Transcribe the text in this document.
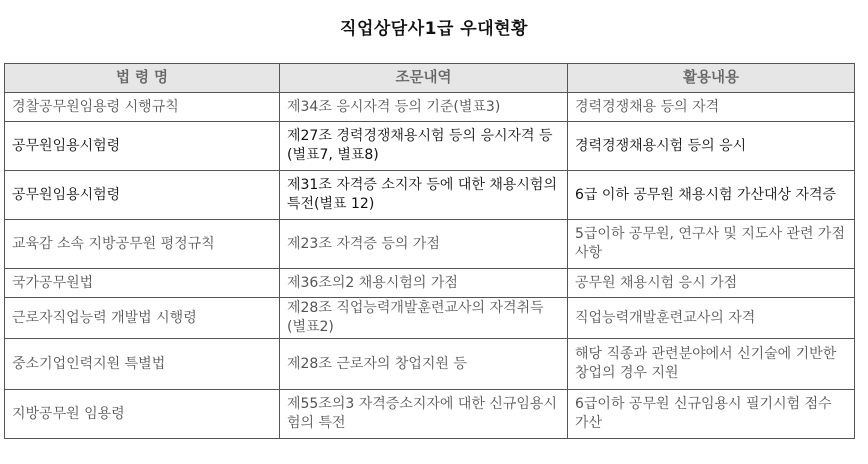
직업상담사1급 우대현황
법 령 명	조문내역	활용내용
경찰공무원임용령 시행규칙	제34조 응시자격 등의 기준(별표3)	경력경쟁채용 등의 자격
공무원임용시험령	제27조 경력경쟁채용시험 등의 응시자격 등(별표7, 별표8)	경력경쟁채용시험 등의 응시
공무원임용시험령	제31조 자격증 소지자 등에 대한 채용시험의 특전(별표 12)	6급 이하 공무원 채용시험 가산대상 자격증
교육감 소속 지방공무원 평정규칙	제23조 자격증 등의 가점	5급이하 공무원, 연구사 및 지도사 관련 가점사항
국가공무원법	제36조의2 채용시험의 가점	공무원 채용시험 응시 가점
근로자직업능력 개발법 시행령	제28조 직업능력개발훈련교사의 자격취득(별표2)	직업능력개발훈련교사의 자격
중소기업인력지원 특별법	제28조 근로자의 창업지원 등	해당 직종과 관련분야에서 신기술에 기반한 창업의 경우 지원
지방공무원 임용령	제55조의3 자격증소지자에 대한 신규임용시험의 특전	6급이하 공무원 신규임용시 필기시험 점수 가산
